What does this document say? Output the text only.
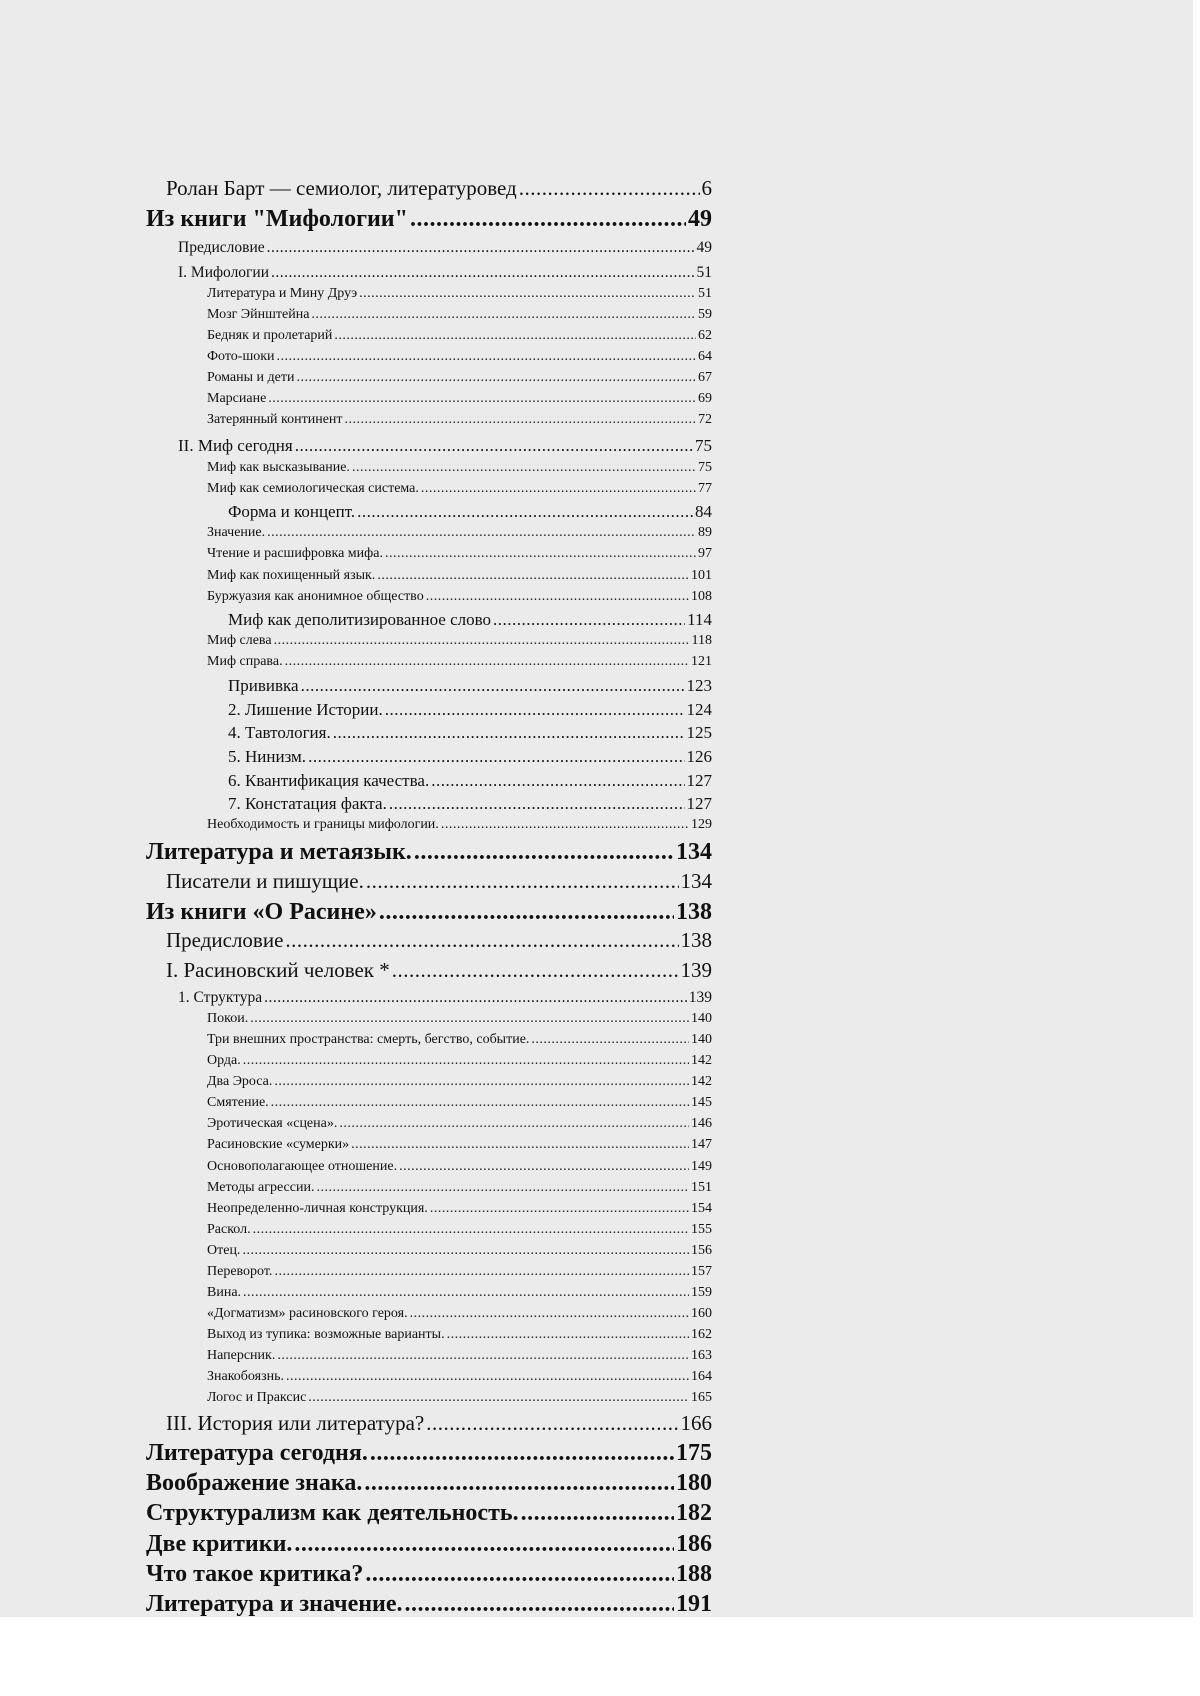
Ролан Барт — семиолог, литературовед .....	6
Из книги "Мифологии" .....	49
Предисловие .....	49
I. Мифологии .....	51
Литература и Мину Друэ .....	51
Мозг Эйнштейна .....	59
Бедняк и пролетарий .....	62
Фото-шоки .....	64
Романы и дети .....	67
Марсиане .....	69
Затерянный континент .....	72
II. Миф сегодня .....	75
Миф как высказывание. .....	75
Миф как семиологическая система. .....	77
Форма и концепт. .....	84
Значение. .....	89
Чтение и расшифровка мифа. .....	97
Миф как похищенный язык. .....	101
Буржуазия как анонимное общество .....	108
Миф как деполитизированное слово .....	114
Миф слева .....	118
Миф справа. .....	121
Прививка .....	123
2. Лишение Истории. .....	124
4. Тавтология. .....	125
5. Нинизм. .....	126
6. Квантификация качества. .....	127
7. Констатация факта. .....	127
Необходимость и границы мифологии. .....	129
Литература и метаязык. .....	134
Писатели и пишущие. .....	134
Из книги «О Расине» .....	138
Предисловие .....	138
I. Расиновский человек * .....	139
1. Структура .....	139
Покои. .....	140
Три внешних пространства: смерть, бегство, событие. .....	140
Орда. .....	142
Два Эроса. .....	142
Смятение. .....	145
Эротическая «сцена». .....	146
Расиновские «сумерки» .....	147
Основополагающее отношение. .....	149
Методы агрессии. .....	151
Неопределенно-личная конструкция. .....	154
Раскол. .....	155
Отец. .....	156
Переворот. .....	157
Вина. .....	159
«Догматизм» расиновского героя. .....	160
Выход из тупика: возможные варианты. .....	162
Наперсник. .....	163
Знакобоязнь. .....	164
Логос и Праксис .....	165
III. История или литература? .....	166
Литература сегодня. .....	175
Воображение знака. .....	180
Структурализм как деятельность. .....	182
Две критики. .....	186
Что такое критика? .....	188
Литература и значение. .....	191
